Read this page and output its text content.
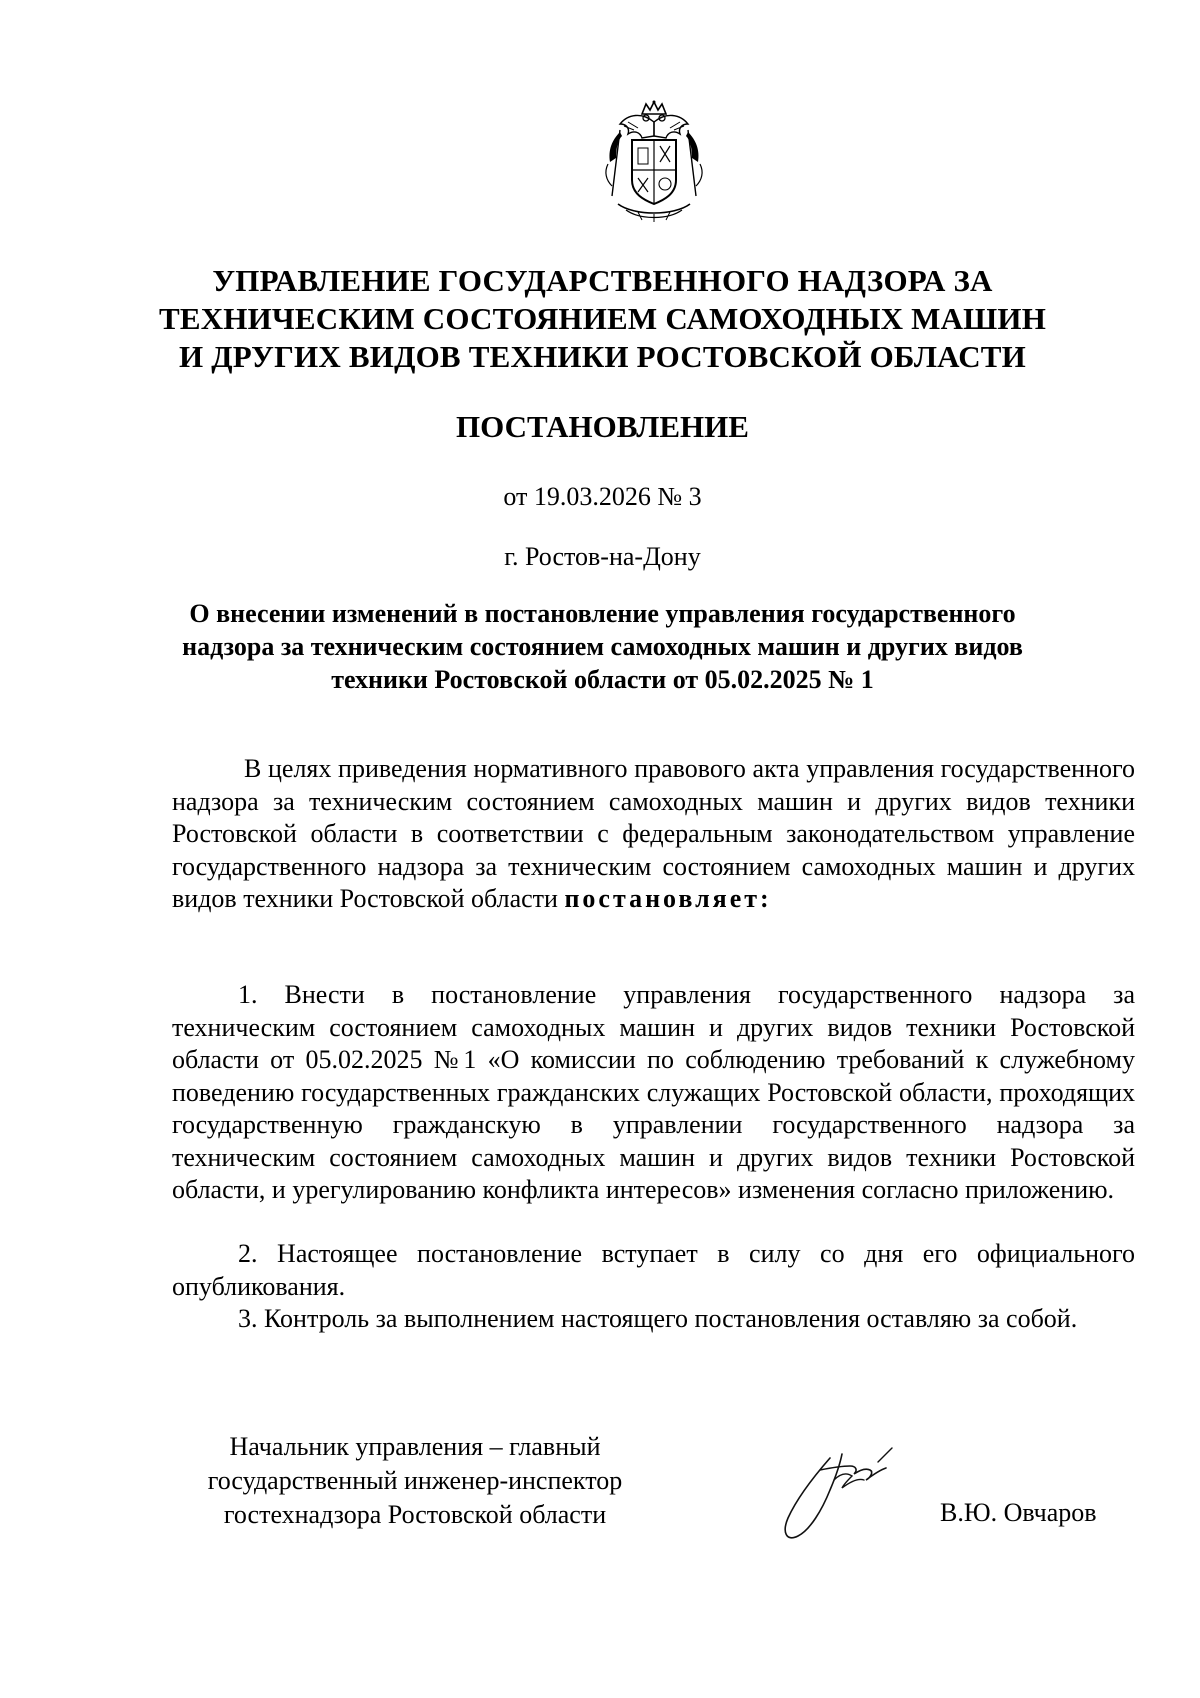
УПРАВЛЕНИЕ ГОСУДАРСТВЕННОГО НАДЗОРА ЗА ТЕХНИЧЕСКИМ СОСТОЯНИЕМ САМОХОДНЫХ МАШИН И ДРУГИХ ВИДОВ ТЕХНИКИ РОСТОВСКОЙ ОБЛАСТИ
ПОСТАНОВЛЕНИЕ
от 19.03.2026 № 3
г. Ростов-на-Дону
О внесении изменений в постановление управления государственного надзора за техническим состоянием самоходных машин и других видов техники Ростовской области от 05.02.2025 № 1

В целях приведения нормативного правового акта управления государственного надзора за техническим состоянием самоходных машин и других видов техники Ростовской области в соответствии с федеральным законодательством управление государственного надзора за техническим состоянием самоходных машин и других видов техники Ростовской области постановляет:

1. Внести в постановление управления государственного надзора за техническим состоянием самоходных машин и других видов техники Ростовской области от 05.02.2025 №1 «О комиссии по соблюдению требований к служебному поведению государственных гражданских служащих Ростовской области, проходящих государственную гражданскую в управлении государственного надзора за техническим состоянием самоходных машин и других видов техники Ростовской области, и урегулированию конфликта интересов» изменения согласно приложению.

2. Настоящее постановление вступает в силу со дня его официального опубликования.

3. Контроль за выполнением настоящего постановления оставляю за собой.

Начальник управления – главный
государственный инженер-инспектор
гостехнадзора Ростовской области	В.Ю. Овчаров
